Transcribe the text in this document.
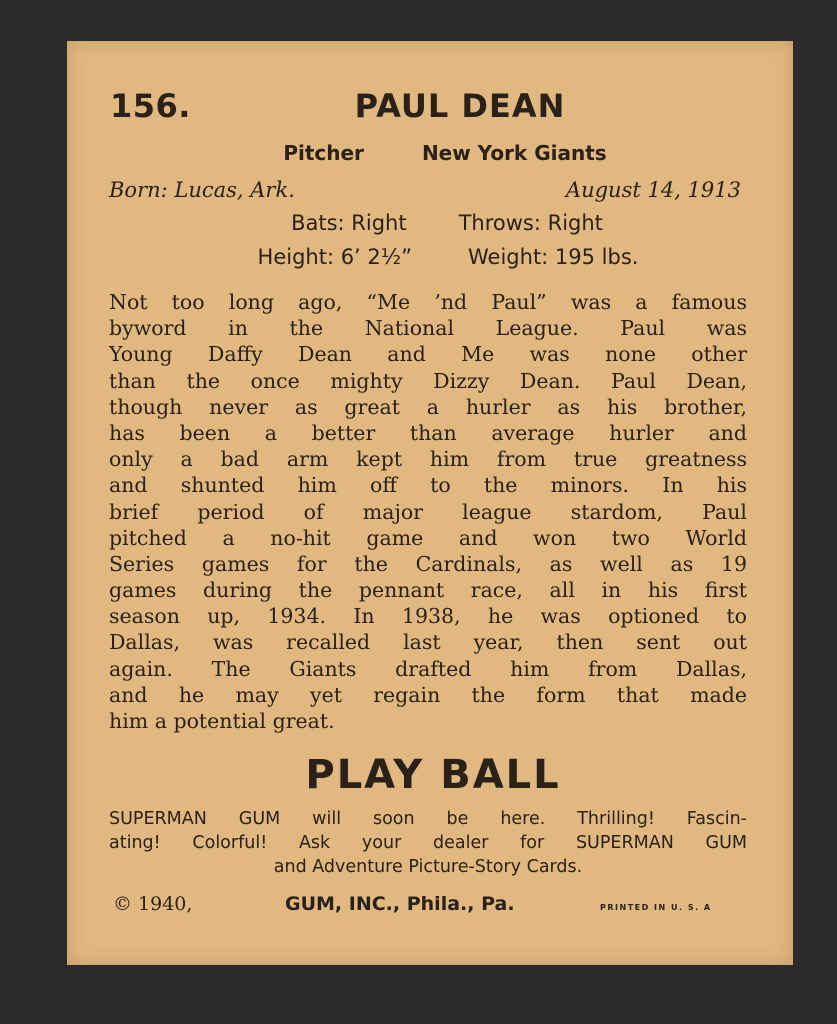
156.	PAUL DEAN
Pitcher	New York Giants
Born: Lucas, Ark.	August 14, 1913
Bats: Right Throws: Right
Height: 6’ 2½”	Weight: 195 lbs.
Not too long ago, “Me ’nd Paul” was a famous
byword in the National League. Paul was
Young Daffy Dean and Me was none other
than the once mighty Dizzy Dean. Paul Dean,
though never as great a hurler as his brother,
has been a better than average hurler and
only a bad arm kept him from true greatness
and shunted him off to the minors. In his
brief period of major league stardom, Paul
pitched a no-hit game and won two World
Series games for the Cardinals, as well as 19
games during the pennant race, all in his first
season up, 1934. In 1938, he was optioned to
Dallas, was recalled last year, then sent out
again. The Giants drafted him from Dallas,
and he may yet regain the form that made
him a potential great.
PLAY BALL
SUPERMAN GUM will soon be here. Thrilling! Fascin-
ating! Colorful! Ask your dealer for SUPERMAN GUM
and Adventure Picture-Story Cards.
© 1940,	GUM, INC., Phila., Pa.	PRINTED IN U. S. A
